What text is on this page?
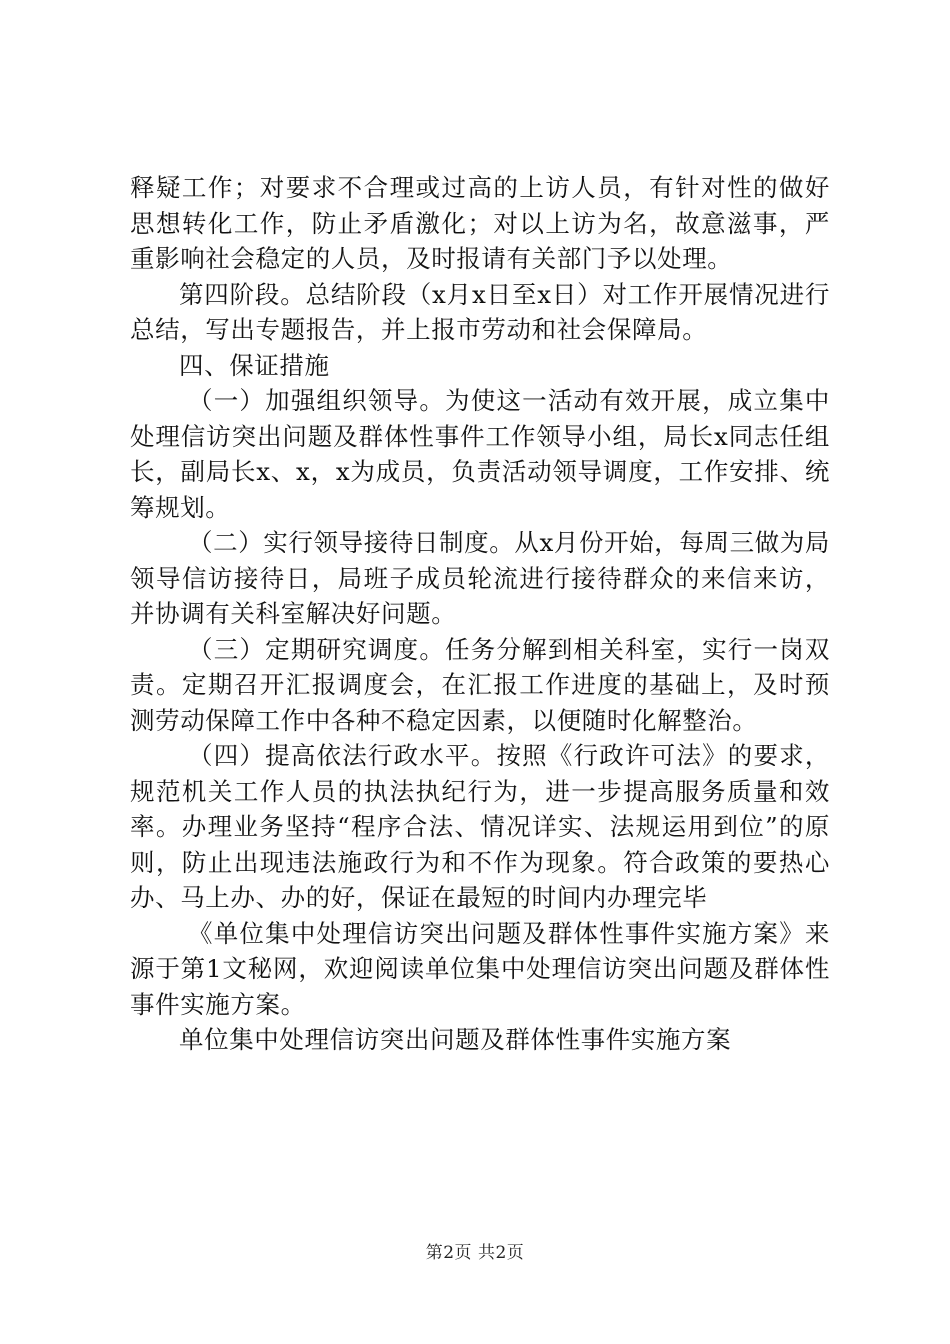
释疑工作；对要求不合理或过高的上访人员，有针对性的做好思想转化工作，防止矛盾激化；对以上访为名，故意滋事，严重影响社会稳定的人员，及时报请有关部门予以处理。

第四阶段。总结阶段（x月x日至x日）对工作开展情况进行总结，写出专题报告，并上报市劳动和社会保障局。

四、保证措施

（一）加强组织领导。为使这一活动有效开展，成立集中处理信访突出问题及群体性事件工作领导小组，局长x同志任组长，副局长x、x，x为成员，负责活动领导调度，工作安排、统筹规划。

（二）实行领导接待日制度。从x月份开始，每周三做为局领导信访接待日，局班子成员轮流进行接待群众的来信来访，并协调有关科室解决好问题。

（三）定期研究调度。任务分解到相关科室，实行一岗双责。定期召开汇报调度会，在汇报工作进度的基础上，及时预测劳动保障工作中各种不稳定因素，以便随时化解整治。

（四）提高依法行政水平。按照《行政许可法》的要求，规范机关工作人员的执法执纪行为，进一步提高服务质量和效率。办理业务坚持“程序合法、情况详实、法规运用到位”的原则，防止出现违法施政行为和不作为现象。符合政策的要热心办、马上办、办的好，保证在最短的时间内办理完毕

《单位集中处理信访突出问题及群体性事件实施方案》来源于第1文秘网，欢迎阅读单位集中处理信访突出问题及群体性事件实施方案。

单位集中处理信访突出问题及群体性事件实施方案

第2页 共2页
